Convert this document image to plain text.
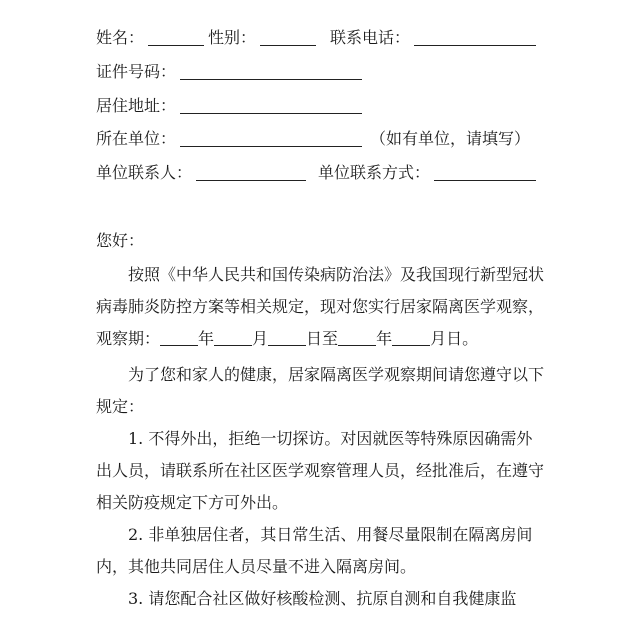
姓名：	性别：	联系电话：
证件号码：
居住地址：
所在单位：	（如有单位，请填写）
单位联系人：	单位联系方式：

您好：

按照《中华人民共和国传染病防治法》及我国现行新型冠状病毒肺炎防控方案等相关规定，现对您实行居家隔离医学观察，观察期： 年 月 日至 年 月日。

为了您和家人的健康，居家隔离医学观察期间请您遵守以下规定：

1. 不得外出，拒绝一切探访。对因就医等特殊原因确需外出人员，请联系所在社区医学观察管理人员，经批准后，在遵守相关防疫规定下方可外出。

2. 非单独居住者，其日常生活、用餐尽量限制在隔离房间内，其他共同居住人员尽量不进入隔离房间。

3. 请您配合社区做好核酸检测、抗原自测和自我健康监
